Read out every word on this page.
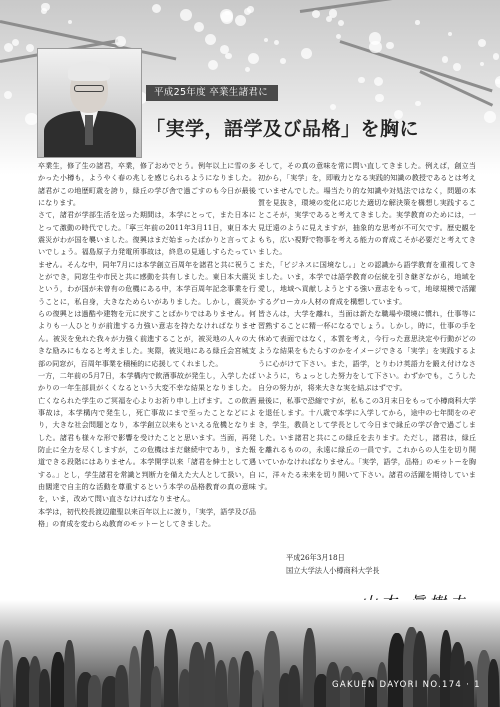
平成25年度 卒業生諸君に
「実学，語学及び品格」を胸に

卒業生，修了生の諸君，卒業，修了おめでとう。例年以上に雪の多かった小樽も，ようやく春の兆しを感じられるようになりました。諸君がこの地歴町歳を誇り，緑丘の学び舎で過ごすのも今日が最後になります。

さて，諸君が学部生活を送った期間は，本学にとって，また日本にとって激動の時代でした。「寧三年前の2011年3月11日，東日本大震災がわが国を襲いました。復興はまだ始まったばかりと言ってよいでしょう。福島原子力発電所事故は，終息の見通しすらたっていません。そんな中，同年7月には本学創立百周年を諸君と共に祝うことができ，同窓生や市民と共に感動を共有しました。東日本大震災という，わが国が未曾有の危機にある中，本学百周年記念事業を行うことに，私自身，大きなためらいがありました。しかし，震災からの復興とは過酷や建物を元に戻すことばかりではありません。何よりも一人ひとりが前進する力強い意志を持たなければなりません。被災を免れた我々が力強く前進することが，被災地の人々の大きな励みにもなると考えました。実際，被災地にある緑丘会宮城支部の同窓が，百周年事業を積極的に応援してくれました。

一方，二年前の5月7日，本学構内で飲酒事故が発生し，入学したばかりの一年生部員がくくなるという大変不幸な結果となりました。亡くなられた学生のご冥福を心よりお祈り申し上げます。この飲酒事故は，本学構内で発生し，死亡事故にまで至ったことなどにより，大きな社会問題となり，本学創立以来もといえる危機となりました。諸君も様々な形で影響を受けたことと思います。当面，再発防止に全力を尽くしますが，この危機はまだ継続中であり，また報道できる段階にはありません。本学開学以来「諸君を紳士として遇する。」とし，学生諸君を常識と判断力を備えた大人として扱い，自由闊達で自主的な活動を尊重するという本学の品格教育の真の意味を，いま，改めて問い直さなければなりません。

本学は，初代校長渡辺龍聖以来百年以上に渡り，「実学，語学及び品格」の育成を変わらぬ教育のモットーとしてきました。

そして，その真の意味を常に問い直してきました。例えば，創立当初から，「実学」を，即戦力となる実践的知識の教授であるとは考えていませんでした。場当たり的な知識や対処法ではなく，問題の本質を見抜き，環境の変化に応じた適切な解決策を構想し実践することこそが，実学であると考えてきました。実学教育のためには，一見迂遠のように見えますが，抽象的な思考が不可欠です。歴史観をもち，広い視野で物事を考える能力の育成こそが必要だと考えてきました。

また，「ビジネスに国境なし。」との認識から語学教育を重視してきました。いま，本学では語学教育の伝統を引き継ぎながら，地域を愛し，地域へ貢献しようとする強い意志をもって，地球規模で活躍するグローカル人材の育成を構想しています。

皆さんは，大学を離れ，当面は新たな職場や環境に慣れ，仕事等に習熟することに精一杯になるでしょう。しかし，時に，仕事の手を休めて表面ではなく，本質を考え，今行った意思決定や行動がどのような結果をもたらすのかをイメージできる「実学」を実践するように心がけて下さい。また，語学，とりわけ英語力を鍛え付けなさいように，ちょっとした努力をして下さい。わずかでも，こうした自分の努力が，将来大きな実を結ぶはずです。

最後に，私事で恐縮ですが，私もこの3月末日をもって小樽商科大学を退任します。十八歳で本学に入学してから，途中の七年間をのぞき，学生，教員として学長として今日まで縁丘の学び舎で過ごしました。いま諸君と共にこの緑丘を去ります。ただし，諸君は，緑丘を離れるものの，永遠に緑丘の一員です。これからの人生を切り開いていかなければなりません。「実学，語学，品格」のモットーを胸に，洋々たる未来を切り開いて下さい。諸君の活躍を期待しています。

平成26年3月18日
国立大学法人小樽商科大学長
GAKUEN DAYORI NO.174 · 1
